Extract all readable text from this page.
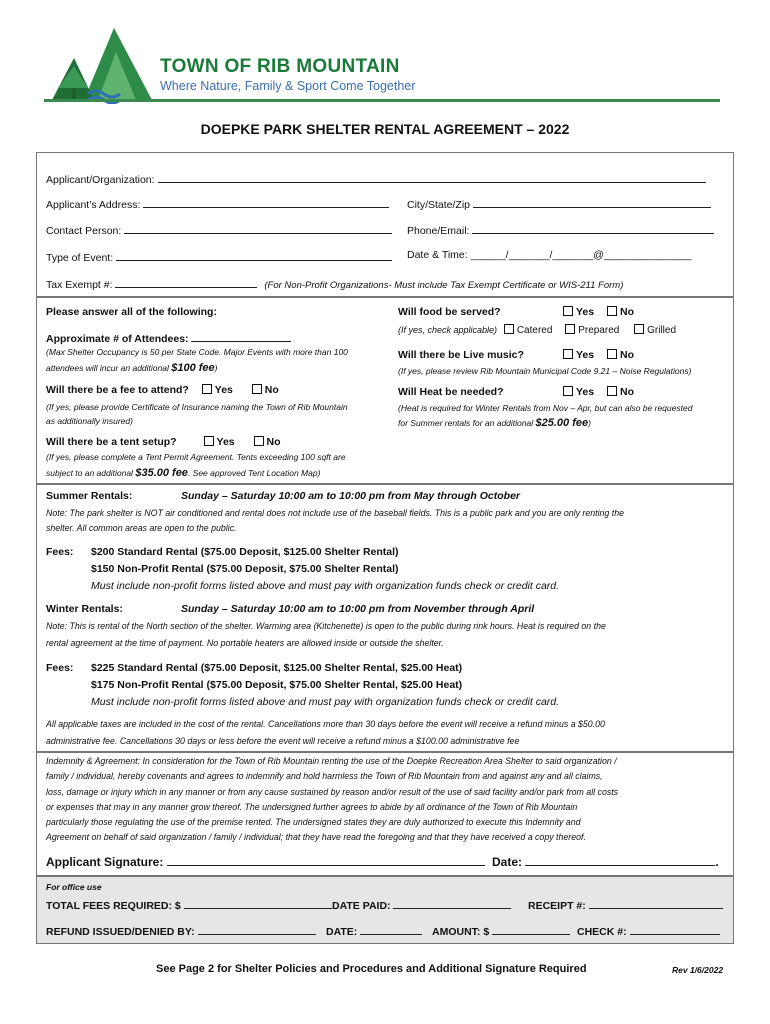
TOWN OF RIB MOUNTAIN
Where Nature, Family & Sport Come Together
DOEPKE PARK SHELTER RENTAL AGREEMENT – 2022
Applicant/Organization:
Applicant’s Address:	City/State/Zip
Contact Person:	Phone/Email:
Type of Event:	Date & Time: ______/_______/_______@_______________
Tax Exempt #:	(For Non-Profit Organizations- Must include Tax Exempt Certificate or WIS-211 Form)
Please answer all of the following:
Approximate # of Attendees:
(Max Shelter Occupancy is 50 per State Code. Major Events with more than 100
attendees will incur an additional $100 fee)
Will there be a fee to attend? Yes	No
(If yes, please provide Certificate of Insurance naming the Town of Rib Mountain
as additionally insured)
Will there be a tent setup?	Yes	No
(If yes, please complete a Tent Permit Agreement. Tents exceeding 100 sqft are
subject to an additional $35.00 fee. See approved Tent Location Map)
Will food be served?	Yes No
(If yes, check applicable) Catered	Prepared	Grilled
Will there be Live music?	Yes No
(If yes, please review Rib Mountain Municipal Code 9.21 – Noise Regulations)
Will Heat be needed?	Yes No
(Heat is required for Winter Rentals from Nov – Apr, but can also be requested
for Summer rentals for an additional $25.00 fee)
Summer Rentals:	Sunday – Saturday 10:00 am to 10:00 pm from May through October
Note: The park shelter is NOT air conditioned and rental does not include use of the baseball fields. This is a public park and you are only renting the
shelter. All common areas are open to the public.
Fees: $200 Standard Rental ($75.00 Deposit, $125.00 Shelter Rental)
$150 Non-Profit Rental ($75.00 Deposit, $75.00 Shelter Rental)
Must include non-profit forms listed above and must pay with organization funds check or credit card.
Winter Rentals:	Sunday – Saturday 10:00 am to 10:00 pm from November through April
Note: This is rental of the North section of the shelter. Warming area (Kitchenette) is open to the public during rink hours. Heat is required on the
rental agreement at the time of payment. No portable heaters are allowed inside or outside the shelter.
Fees: $225 Standard Rental ($75.00 Deposit, $125.00 Shelter Rental, $25.00 Heat)
$175 Non-Profit Rental ($75.00 Deposit, $75.00 Shelter Rental, $25.00 Heat)
Must include non-profit forms listed above and must pay with organization funds check or credit card.
All applicable taxes are included in the cost of the rental. Cancellations more than 30 days before the event will receive a refund minus a $50.00
administrative fee. Cancellations 30 days or less before the event will receive a refund minus a $100.00 administrative fee
Indemnity & Agreement: In consideration for the Town of Rib Mountain renting the use of the Doepke Recreation Area Shelter to said organization /
family / individual, hereby covenants and agrees to indemnify and hold harmless the Town of Rib Mountain from and against any and all claims,
loss, damage or injury which in any manner or from any cause sustained by reason and/or result of the use of said facility and/or park from all costs
or expenses that may in any manner grow thereof. The undersigned further agrees to abide by all ordinance of the Town of Rib Mountain
particularly those regulating the use of the premise rented. The undersigned states they are duly authorized to execute this Indemnity and
Agreement on behalf of said organization / family / individual; that they have read the foregoing and that they have received a copy thereof.
Applicant Signature:	Date:	.
For office use
TOTAL FEES REQUIRED: $	DATE PAID:	RECEIPT #:
REFUND ISSUED/DENIED BY:	DATE:	AMOUNT: $	CHECK #:
See Page 2 for Shelter Policies and Procedures and Additional Signature Required	Rev 1/6/2022
